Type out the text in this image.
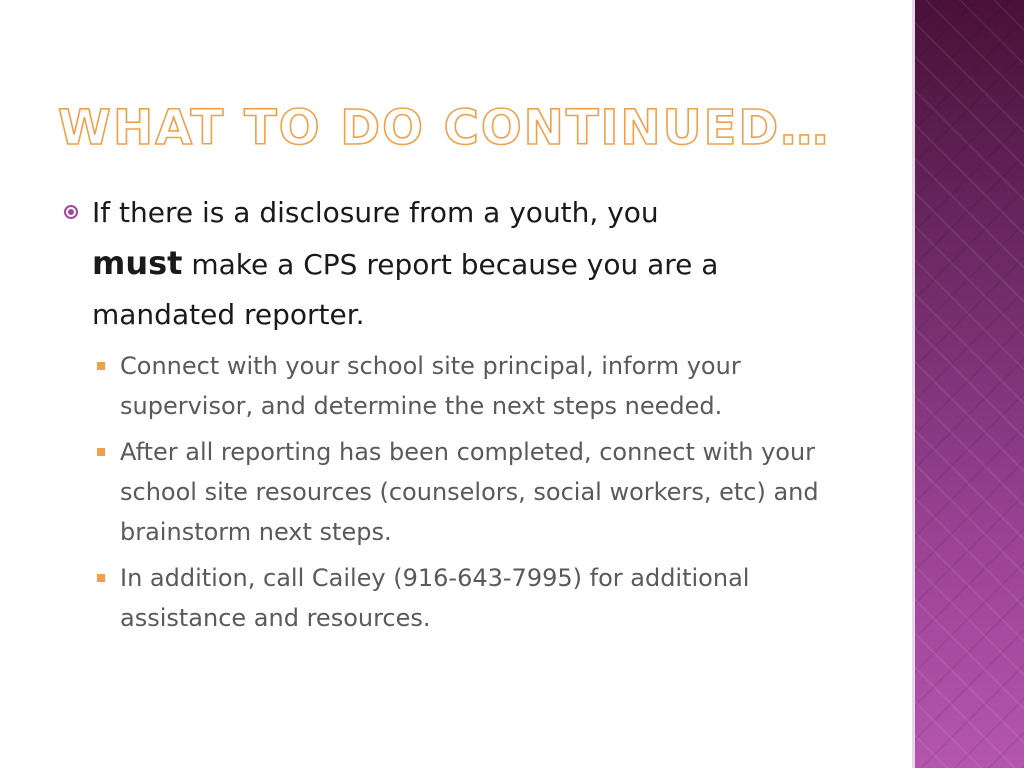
WHAT TO DO CONTINUED…
If there is a disclosure from a youth, you
must make a CPS report because you are a mandated reporter.
Connect with your school site principal, inform your supervisor, and determine the next steps needed.
After all reporting has been completed, connect with your school site resources (counselors, social workers, etc) and brainstorm next steps.
In addition, call Cailey (916-643-7995) for additional assistance and resources.
